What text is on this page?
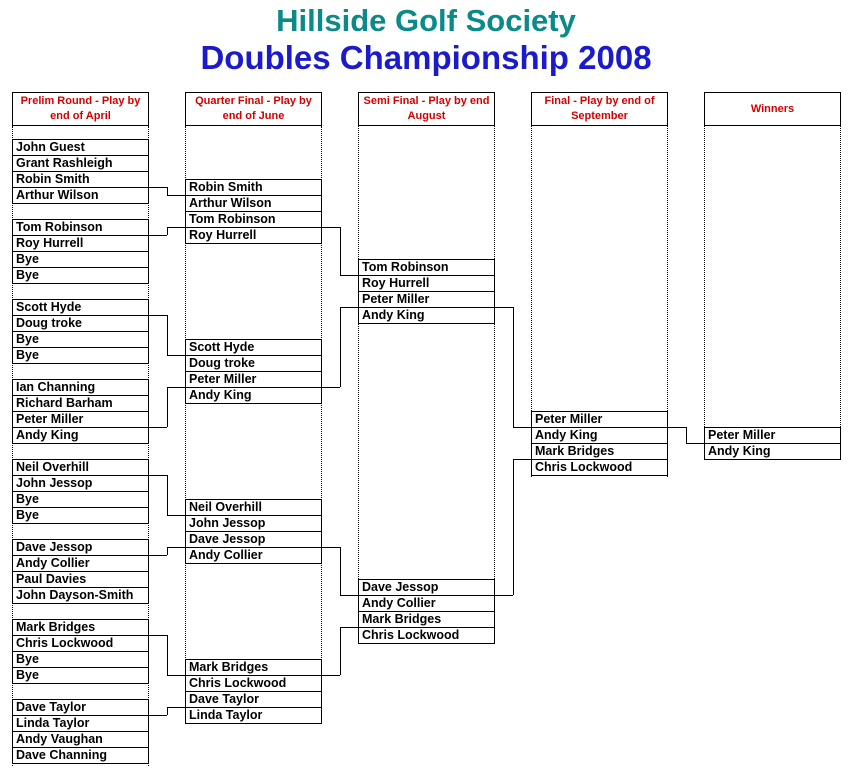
Hillside Golf Society
Doubles Championship 2008
Prelim Round - Play by end of April
Quarter Final - Play by end of June
Semi Final - Play by end August
Final - Play by end of September
Winners
John Guest
Grant Rashleigh
Robin Smith
Arthur Wilson
Tom Robinson
Roy Hurrell
Bye
Bye
Scott Hyde
Doug troke
Bye
Bye
Ian Channing
Richard Barham
Peter Miller
Andy King
Neil Overhill
John Jessop
Bye
Bye
Dave Jessop
Andy Collier
Paul Davies
John Dayson-Smith
Mark Bridges
Chris Lockwood
Bye
Bye
Dave Taylor
Linda Taylor
Andy Vaughan
Dave Channing
Robin Smith
Arthur Wilson
Tom Robinson
Roy Hurrell
Scott Hyde
Doug troke
Peter Miller
Andy King
Neil Overhill
John Jessop
Dave Jessop
Andy Collier
Mark Bridges
Chris Lockwood
Dave Taylor
Linda Taylor
Tom Robinson
Roy Hurrell
Peter Miller
Andy King
Dave Jessop
Andy Collier
Mark Bridges
Chris Lockwood
Peter Miller
Andy King
Mark Bridges
Chris Lockwood
Peter Miller
Andy King
